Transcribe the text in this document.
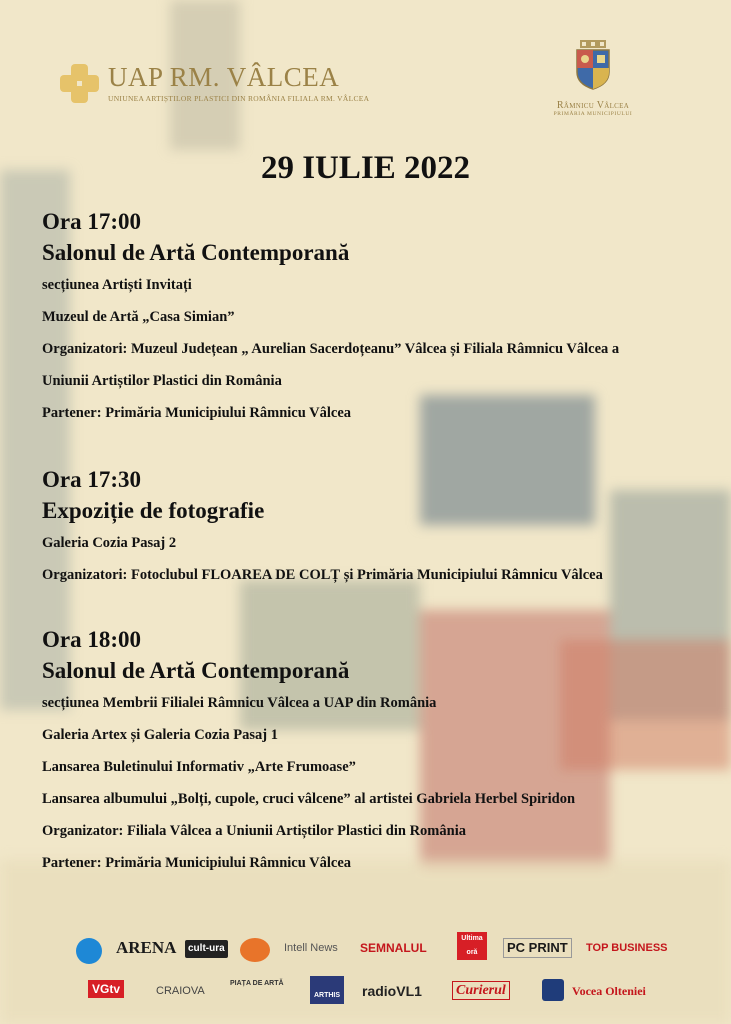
UAP RM. VÂLCEA
UNIUNEA ARTIȘTILOR PLASTICI DIN ROMÂNIA FILIALA RM. VÂLCEA
Râmnicu Vâlcea
PRIMĂRIA MUNICIPIULUI
29 IULIE 2022
Ora 17:00
Salonul de Artă Contemporană
secțiunea Artiști Invitați
Muzeul de Artă „Casa Simian”
Organizatori: Muzeul Județean „ Aurelian Sacerdoțeanu” Vâlcea și Filiala Râmnicu Vâlcea a
Uniunii Artiștilor Plastici din România
Partener: Primăria Municipiului Râmnicu Vâlcea
Ora 17:30
Expoziție de fotografie
Galeria Cozia Pasaj 2
Organizatori: Fotoclubul FLOAREA DE COLȚ și Primăria Municipiului Râmnicu Vâlcea
Ora 18:00
Salonul de Artă Contemporană
secțiunea Membrii Filialei Râmnicu Vâlcea a UAP din România
Galeria Artex și Galeria Cozia Pasaj 1
Lansarea Buletinului Informativ „Arte Frumoase”
Lansarea albumului „Bolți, cupole, cruci vâlcene” al artistei Gabriela Herbel Spiridon
Organizator: Filiala Vâlcea a Uniunii Artiștilor Plastici din România
Partener: Primăria Municipiului Râmnicu Vâlcea
ARENA	cult-ura	Intell News SEMNALUL
Ultima oră	PC PRINT	TOP BUSINESS
VGtv	CRAIOVA
PIAȚA DE ARTĂ
ARTHIS radioVL1 Curierul	Vocea Olteniei
